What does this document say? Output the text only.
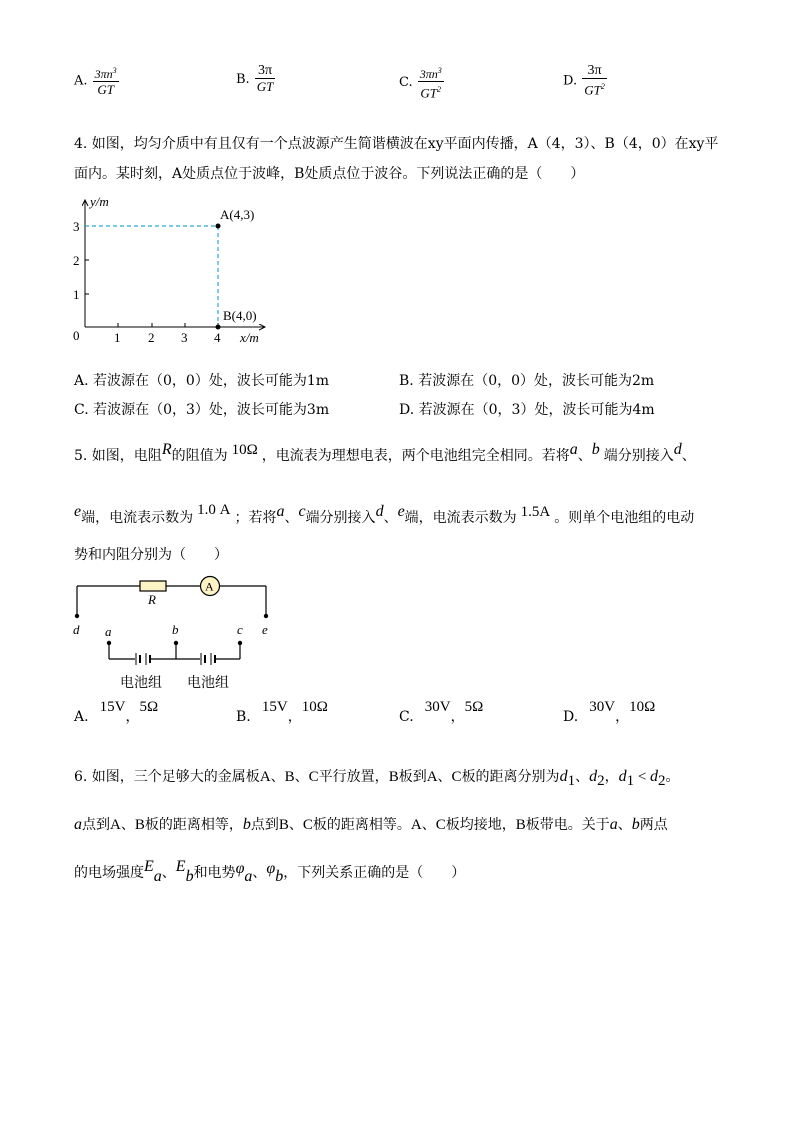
A. $\frac{3\pi n^3}{GT}$	B. $\frac{3\pi}{GT}$	C. $\frac{3\pi n^3}{GT^2}$	D. $\frac{3\pi}{GT^2}$
4. 如图，均匀介质中有且仅有一个点波源产生简谐横波在xy平面内传播，A（4，3）、B（4，0）在xy平
面内。某时刻，A处质点位于波峰，B处质点位于波谷。下列说法正确的是（　　）
y/m
x/m
0	1 2 3 4
1
2
3
A(4,3)
B(4,0)
A. 若波源在（0，0）处，波长可能为1m	B. 若波源在（0，0）处，波长可能为2m
C. 若波源在（0，3）处，波长可能为3m	D. 若波源在（0，3）处，波长可能为4m
5. 如图，电阻R的阻值为 10Ω ，电流表为理想电表，两个电池组完全相同。若将a、b 端分别接入d、
e端，电流表示数为 1.0 A ；若将a、c端分别接入d、e端，电流表示数为 1.5A 。则单个电池组的电动
势和内阻分别为（　　）
A
R
d	e
a	b	c
电池组 电池组
A. 15V，5Ω
B. 15V，10Ω
C. 30V，5Ω
D. 30V，10Ω
6. 如图，三个足够大的金属板A、B、C平行放置，B板到A、C板的距离分别为$d_1$、$d_2$，$d_1 < d_2$。
a点到A、B板的距离相等，b点到B、C板的距离相等。A、C板均接地，B板带电。关于a、b两点
的电场强度$E_a$、$E_b$和电势$\varphi_a$、$\varphi_b$，下列关系正确的是（　　）
